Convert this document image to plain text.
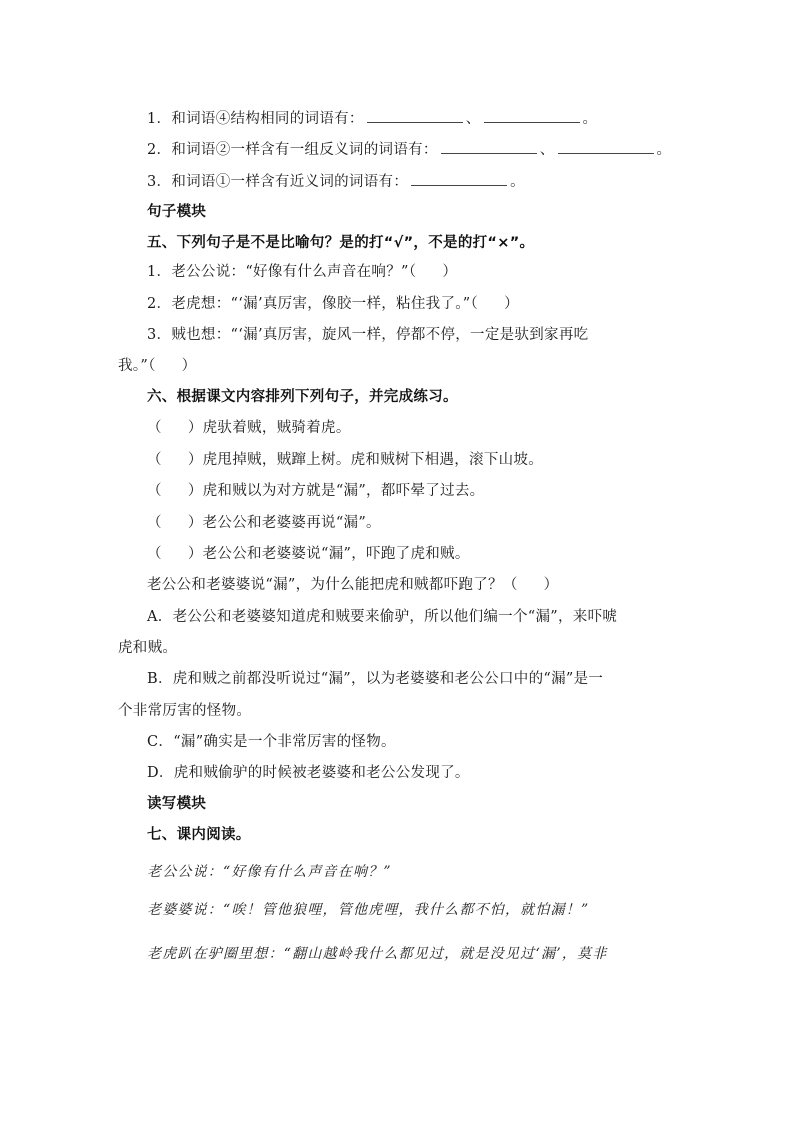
1．和词语④结构相同的词语有：	、	。
2．和词语②一样含有一组反义词的词语有：	、	。
3．和词语①一样含有近义词的词语有：	。
句子模块
五、下列句子是不是比喻句？是的打“√”，不是的打“×”。
1．老公公说：“好像有什么声音在响？”（ ）
2．老虎想：“‘漏’真厉害，像胶一样，粘住我了。”（ ）
3．贼也想：“‘漏’真厉害，旋风一样，停都不停，一定是驮到家再吃
我。”（ ）
六、根据课文内容排列下列句子，并完成练习。
（ ）虎驮着贼，贼骑着虎。
（ ）虎甩掉贼，贼蹿上树。虎和贼树下相遇，滚下山坡。
（ ）虎和贼以为对方就是“漏”，都吓晕了过去。
（ ）老公公和老婆婆再说“漏”。
（ ）老公公和老婆婆说“漏”，吓跑了虎和贼。
老公公和老婆婆说“漏”，为什么能把虎和贼都吓跑了？（ ）
A．老公公和老婆婆知道虎和贼要来偷驴，所以他们编一个“漏”，来吓唬
虎和贼。
B．虎和贼之前都没听说过“漏”，以为老婆婆和老公公口中的“漏”是一
个非常厉害的怪物。
C．“漏”确实是一个非常厉害的怪物。
D．虎和贼偷驴的时候被老婆婆和老公公发现了。
读写模块
七、课内阅读。
老公公说：“好像有什么声音在响？”
老婆婆说：“唉！管他狼哩，管他虎哩，我什么都不怕，就怕漏！”
老虎趴在驴圈里想：“翻山越岭我什么都见过，就是没见过‘漏’，莫非
